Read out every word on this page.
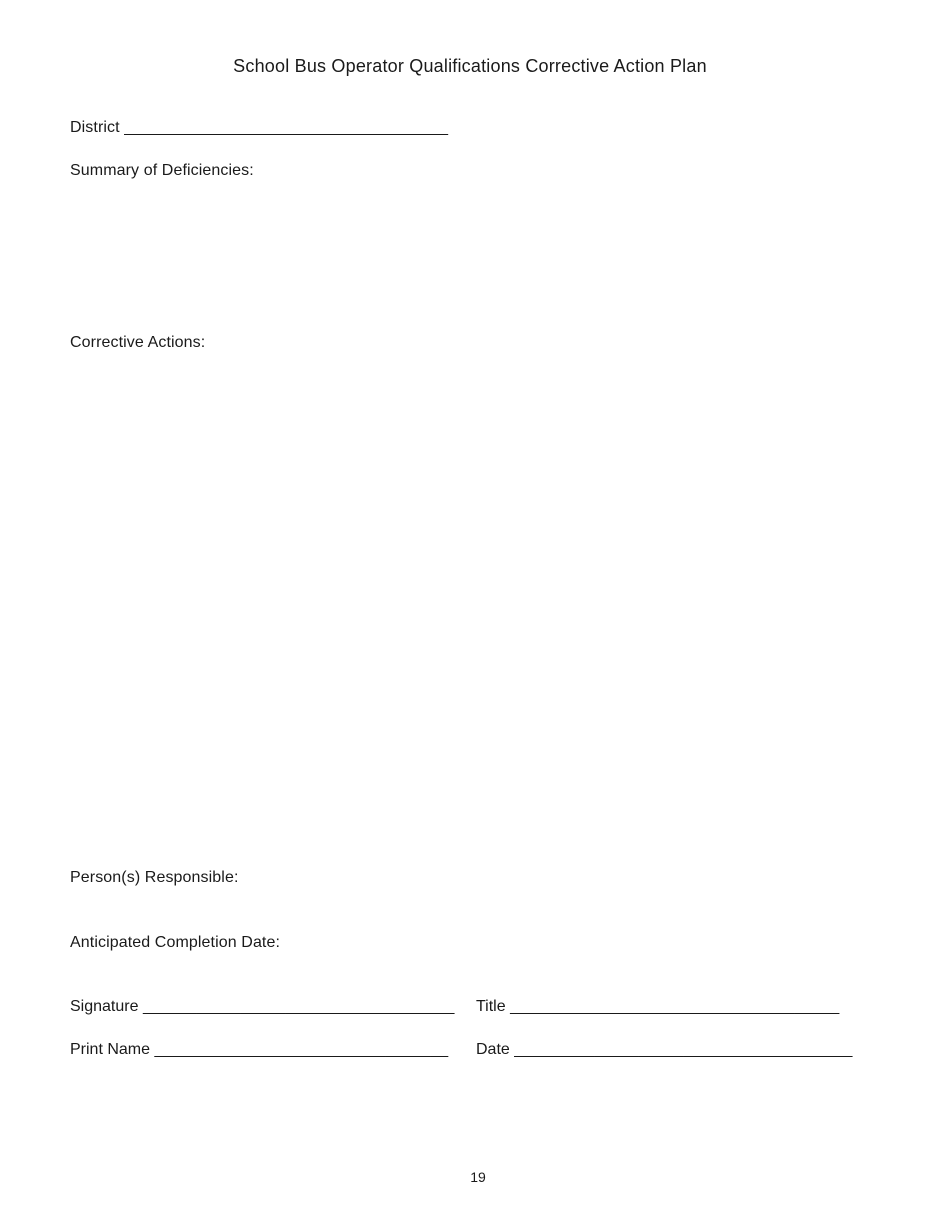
School Bus Operator Qualifications Corrective Action Plan
District ____________________________________
Summary of Deficiencies:
Corrective Actions:
Person(s) Responsible:
Anticipated Completion Date:
Signature ___________________________________ Title _____________________________________
Print Name _________________________________ Date ______________________________________
19
